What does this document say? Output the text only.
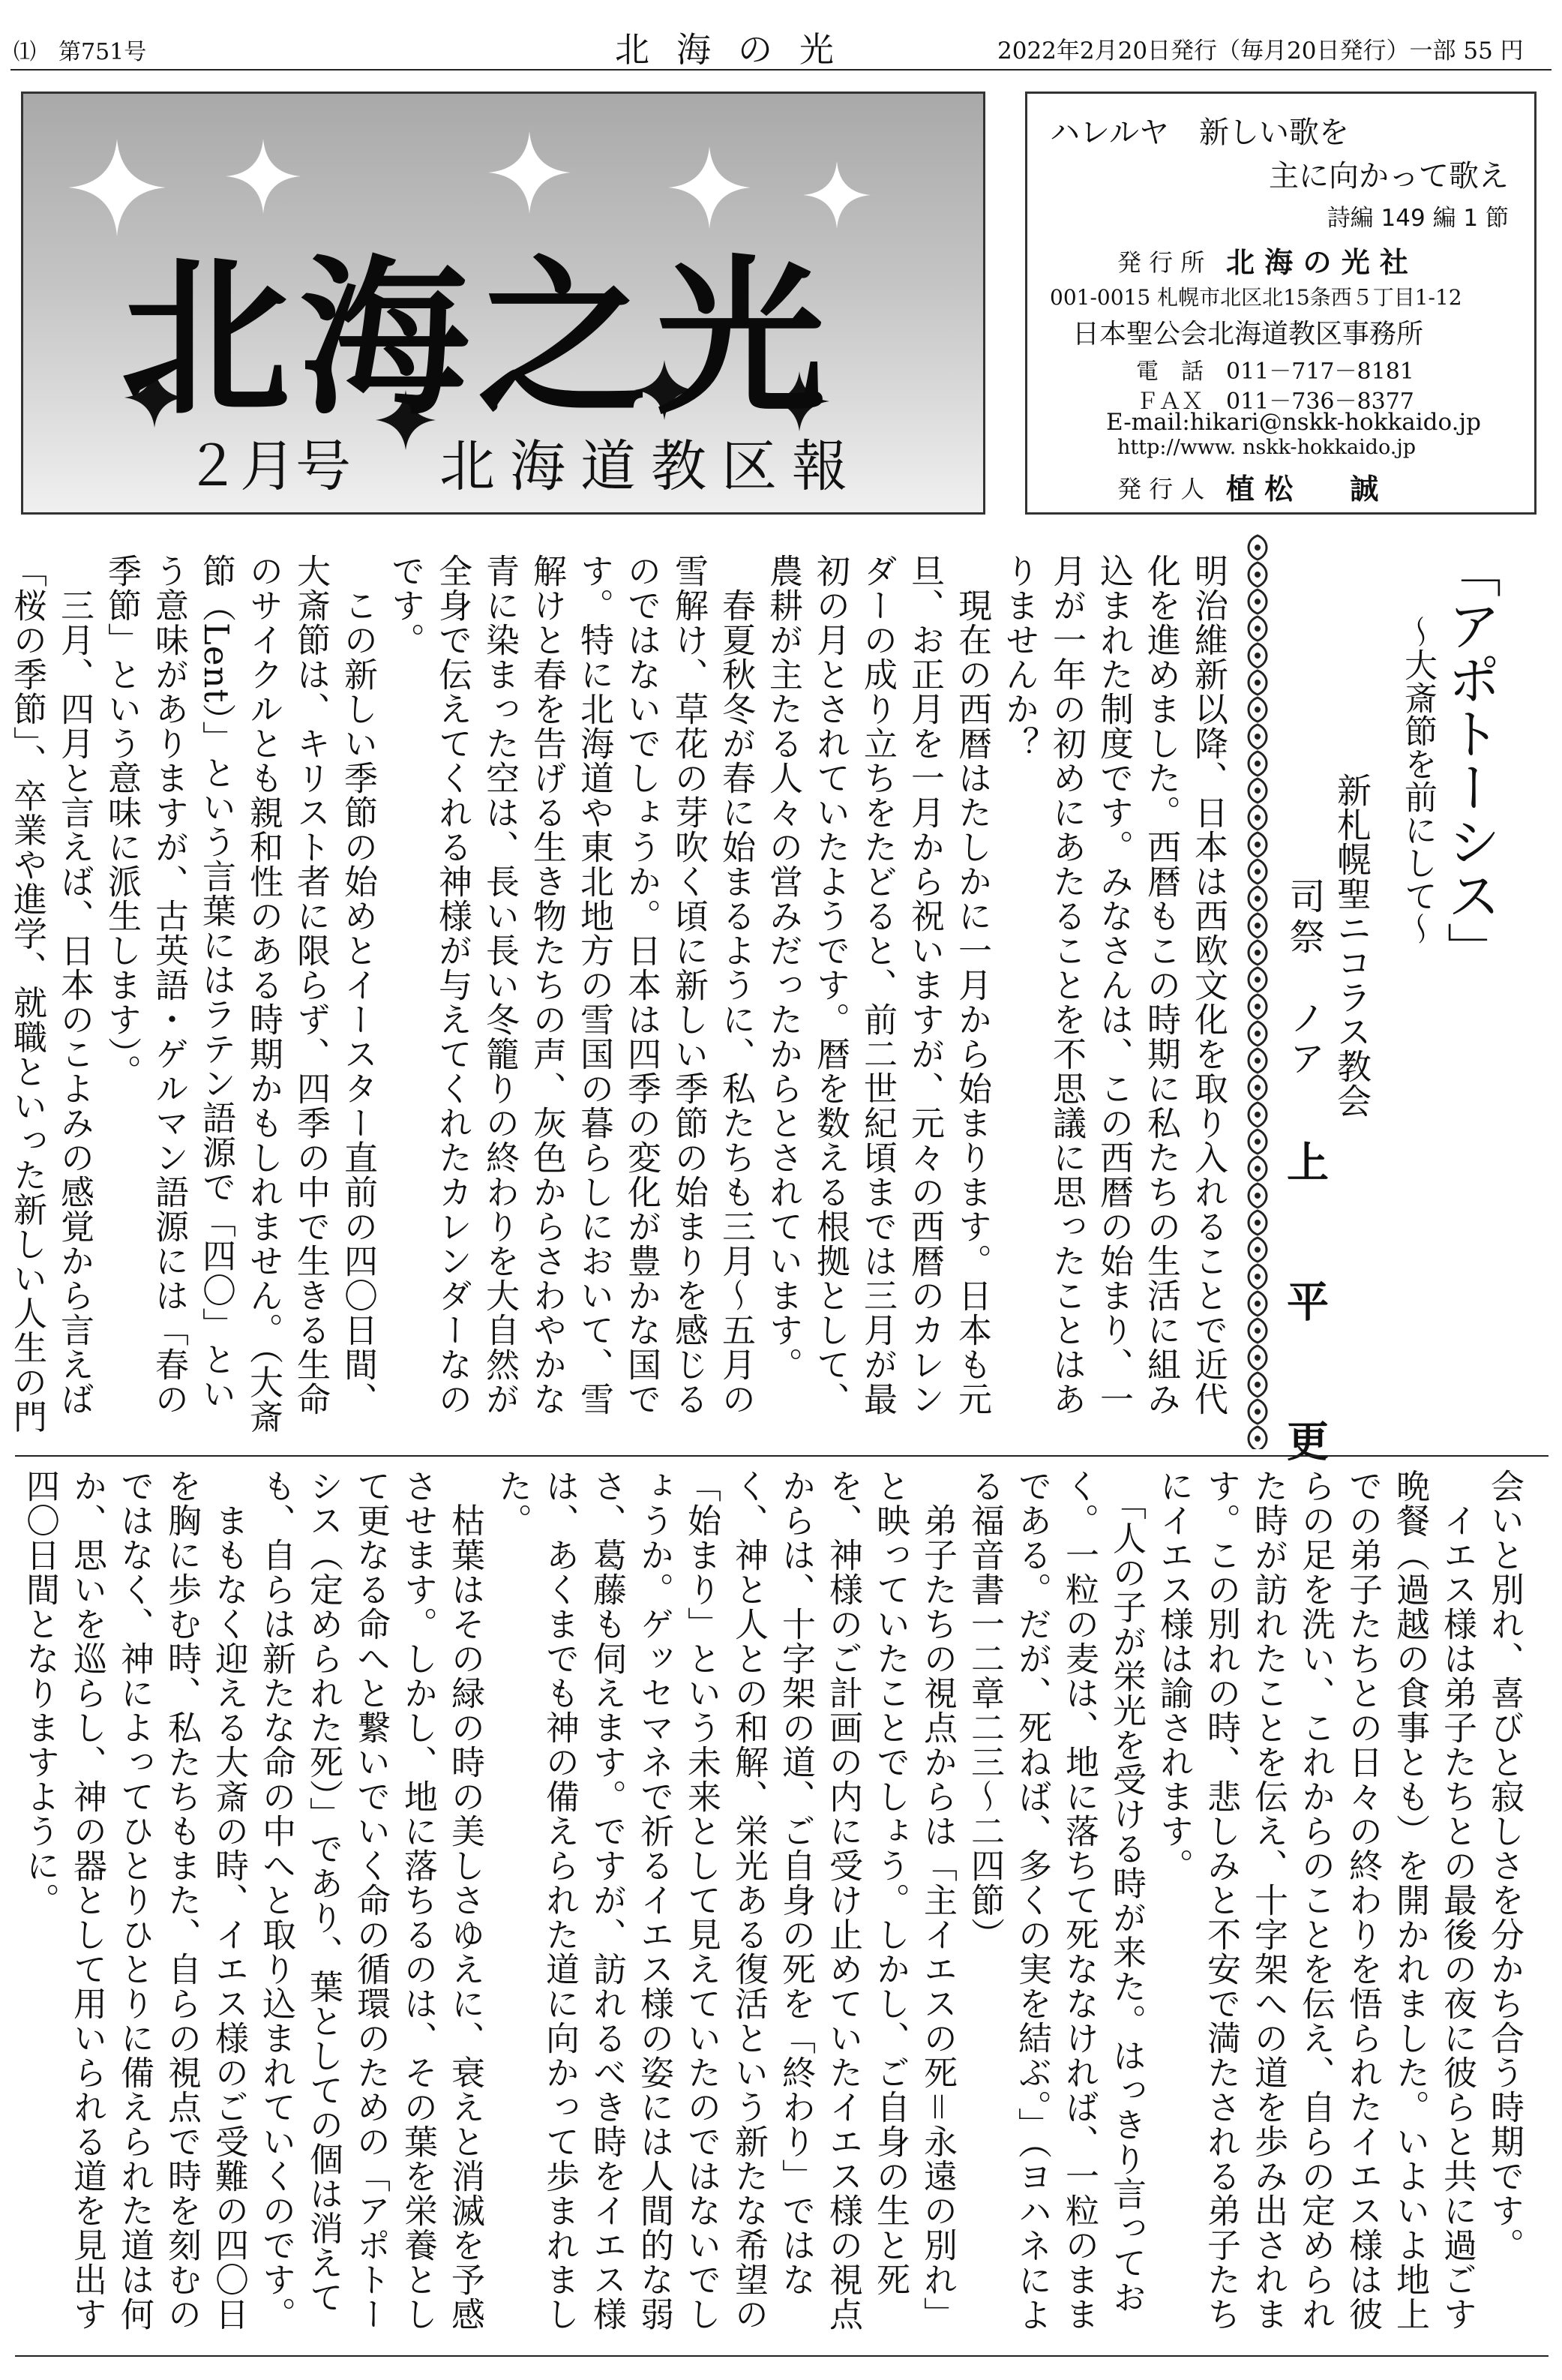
⑴　第751号	北海の光	2022年2月20日発行（毎月20日発行）一部 55 円
北海之光
２月号 北海道教区報
ハレルヤ　新しい歌を
主に向かって歌え
詩編 149 編 1 節
発 行 所 北 海 の 光 社
001‑0015 札幌市北区北15条西５丁目1‑12
日本聖公会北海道教区事務所
電　話　011－717－8181
ＦＡＸ　011－736－8377
E-mail:hikari@nskk-hokkaido.jp
http://www. nskk-hokkaido.jp
発 行 人 植 松　　誠
明治維新以降、日本は西欧文化を取り入れることで近代化を進めました。西暦もこの時期に私たちの生活に組み込まれた制度です。みなさんは、この西暦の始まり、一月が一年の初めにあたることを不思議に思ったことはありませんか？
　現在の西暦はたしかに一月から始まります。日本も元旦、お正月を一月から祝いますが、元々の西暦のカレンダーの成り立ちをたどると、前二世紀頃までは三月が最初の月とされていたようです。暦を数える根拠として、農耕が主たる人々の営みだったからとされています。
　春夏秋冬が春に始まるように、私たちも三月〜五月の雪解け、草花の芽吹く頃に新しい季節の始まりを感じるのではないでしょうか。日本は四季の変化が豊かな国です。特に北海道や東北地方の雪国の暮らしにおいて、雪解けと春を告げる生き物たちの声、灰色からさわやかな青に染まった空は、長い長い冬籠りの終わりを大自然が全身で伝えてくれる神様が与えてくれたカレンダーなのです。
　この新しい季節の始めとイースター直前の四〇日間、大斎節は、キリスト者に限らず、四季の中で生きる生命のサイクルとも親和性のある時期かもしれません。（大斎節（Lent）」という言葉にはラテン語源で「四〇」という意味がありますが、古英語・ゲルマン語源には「春の季節」という意味に派生します）。
　三月、四月と言えば、日本のこよみの感覚から言えば「桜の季節」、卒業や進学、就職といった新しい人生の門
「アポトーシス」
〜大斎節を前にして〜
新札幌聖ニコラス教会
司祭　ノア
上平更
会いと別れ、喜びと寂しさを分かち合う時期です。
　イエス様は弟子たちとの最後の夜に彼らと共に過ごす晩餐（過越の食事とも）を開かれました。いよいよ地上での弟子たちとの日々の終わりを悟られたイエス様は彼らの足を洗い、これからのことを伝え、自らの定められた時が訪れたことを伝え、十字架への道を歩み出されます。この別れの時、悲しみと不安で満たされる弟子たちにイエス様は諭されます。
　「人の子が栄光を受ける時が来た。はっきり言っておく。一粒の麦は、地に落ちて死ななければ、一粒のままである。だが、死ねば、多くの実を結ぶ。」（ヨハネによる福音書一二章二三〜二四節）
　弟子たちの視点からは「主イエスの死＝永遠の別れ」と映っていたことでしょう。しかし、ご自身の生と死を、神様のご計画の内に受け止めていたイエス様の視点からは、十字架の道、ご自身の死を「終わり」ではなく、神と人との和解、栄光ある復活という新たな希望の「始まり」という未来として見えていたのではないでしょうか。ゲッセマネで祈るイエス様の姿には人間的な弱さ、葛藤も伺えます。ですが、訪れるべき時をイエス様は、あくまでも神の備えられた道に向かって歩まれました。
　枯葉はその緑の時の美しさゆえに、衰えと消滅を予感させます。しかし、地に落ちるのは、その葉を栄養として更なる命へと繋いでいく命の循環のための「アポトーシス（定められた死）」であり、葉としての個は消えても、自らは新たな命の中へと取り込まれていくのです。
　まもなく迎える大斎の時、イエス様のご受難の四〇日を胸に歩む時、私たちもまた、自らの視点で時を刻むのではなく、神によってひとりひとりに備えられた道は何か、思いを巡らし、神の器として用いられる道を見出す四〇日間となりますように。
